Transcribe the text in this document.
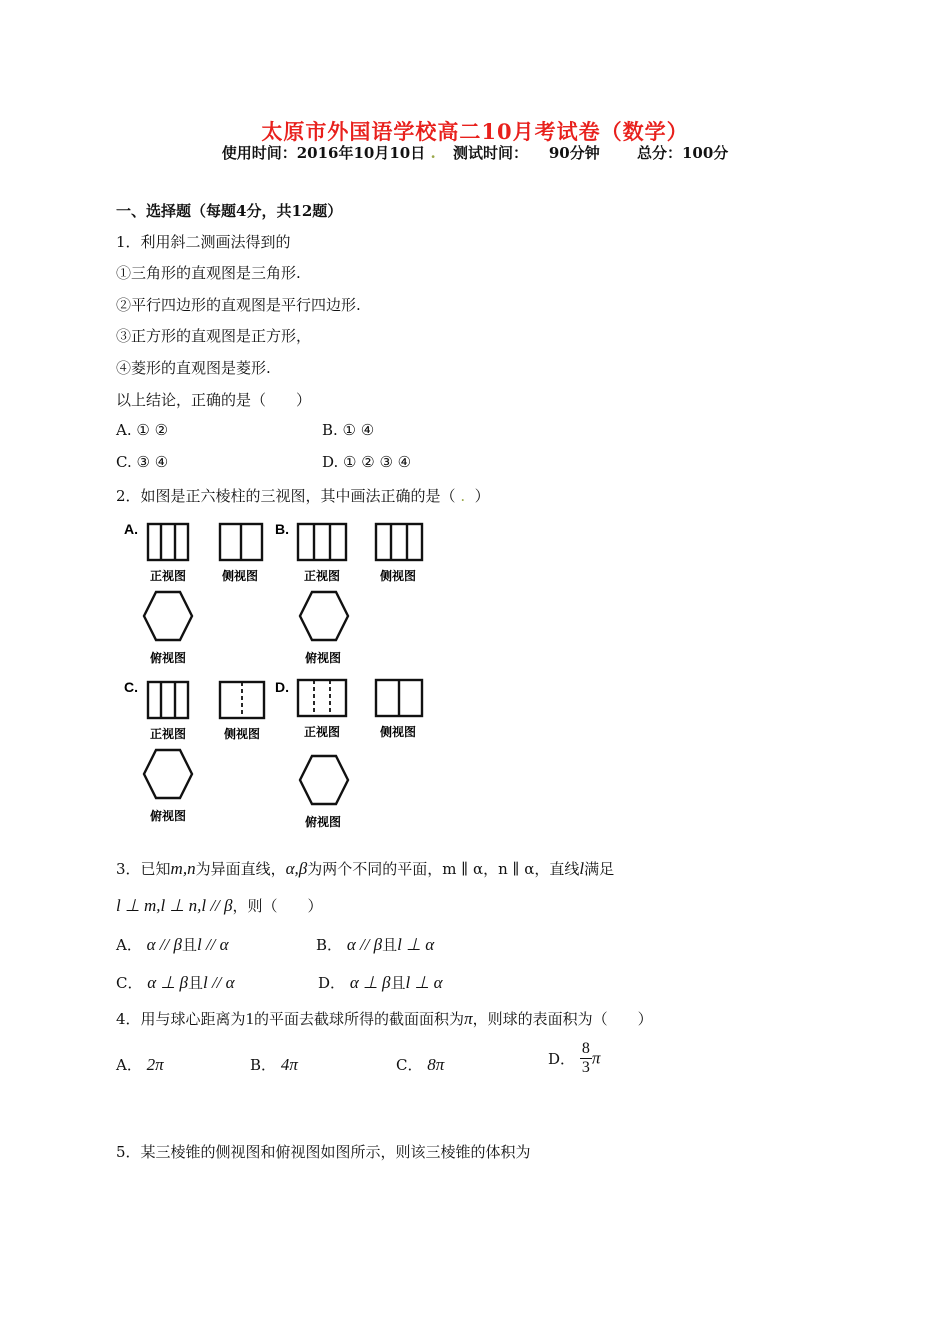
太原市外国语学校高二10月考试卷（数学）
使用时间：2016年10月10日 . 测试时间： 90分钟 总分：100分
一、选择题（每题4分，共12题）
1．利用斜二测画法得到的
①三角形的直观图是三角形.
②平行四边形的直观图是平行四边形.
③正方形的直观图是正方形，
④菱形的直观图是菱形.
以上结论，正确的是（　　）
A. ① ②	B. ① ④
C. ③ ④	D. ① ② ③ ④
2．如图是正六棱柱的三视图，其中画法正确的是（ . ）
A.	B.
C.	D.
正视图	侧视图	正视图	侧视图
俯视图	俯视图
正视图	侧视图	正视图	侧视图
俯视图	俯视图
3．已知m,n为异面直线，α,β为两个不同的平面，m ∥ α，n ∥ α，直线l满足
l ⊥ m,l ⊥ n,l // β，则（　　）
A． α // β且l // α	B． α // β且l ⊥ α
C． α ⊥ β且l // α	D． α ⊥ β且l ⊥ α
4．用与球心距离为1的平面去截球所得的截面面积为π，则球的表面积为（　　）
A． 2π	B． 4π	C． 8π	D． $\frac{8}{3}$ π
5．某三棱锥的侧视图和俯视图如图所示，则该三棱锥的体积为
